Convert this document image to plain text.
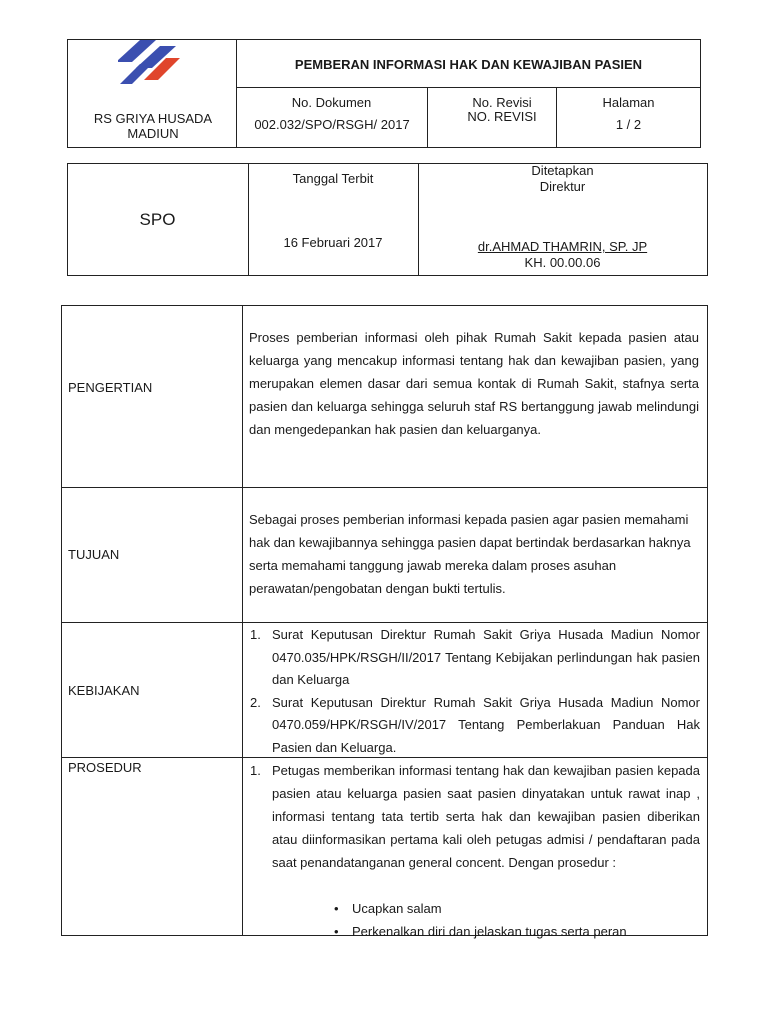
RS GRIYA HUSADA MADIUN
PEMBERAN INFORMASI HAK DAN KEWAJIBAN PASIEN
No. Dokumen
002.032/SPO/RSGH/ 2017
No. Revisi
NO. REVISI
Halaman
1 / 2
SPO
Tanggal Terbit
16 Februari 2017
Ditetapkan
Direktur
dr.AHMAD THAMRIN, SP. JP
KH. 00.00.06
PENGERTIAN
Proses pemberian informasi oleh pihak Rumah Sakit kepada pasien atau keluarga yang mencakup informasi tentang hak dan kewajiban pasien, yang merupakan elemen dasar dari semua kontak di Rumah Sakit, stafnya serta pasien dan keluarga sehingga seluruh staf RS bertanggung jawab melindungi dan mengedepankan hak pasien dan keluarganya.
TUJUAN
Sebagai proses pemberian informasi kepada pasien agar pasien memahami hak dan kewajibannya sehingga pasien dapat bertindak berdasarkan haknya serta memahami tanggung jawab mereka dalam proses asuhan perawatan/pengobatan dengan bukti tertulis.
KEBIJAKAN
1. Surat Keputusan Direktur Rumah Sakit Griya Husada Madiun Nomor 0470.035/HPK/RSGH/II/2017 Tentang Kebijakan perlindungan hak pasien dan Keluarga
2. Surat Keputusan Direktur Rumah Sakit Griya Husada Madiun Nomor 0470.059/HPK/RSGH/IV/2017 Tentang Pemberlakuan Panduan Hak Pasien dan Keluarga.
PROSEDUR	1. Petugas memberikan informasi tentang hak dan kewajiban pasien kepada pasien atau keluarga pasien saat pasien dinyatakan untuk rawat inap , informasi tentang tata tertib serta hak dan kewajiban pasien diberikan atau diinformasikan pertama kali oleh petugas admisi / pendaftaran pada saat penandatanganan general concent. Dengan prosedur :
• Ucapkan salam
• Perkenalkan diri dan jelaskan tugas serta peran
